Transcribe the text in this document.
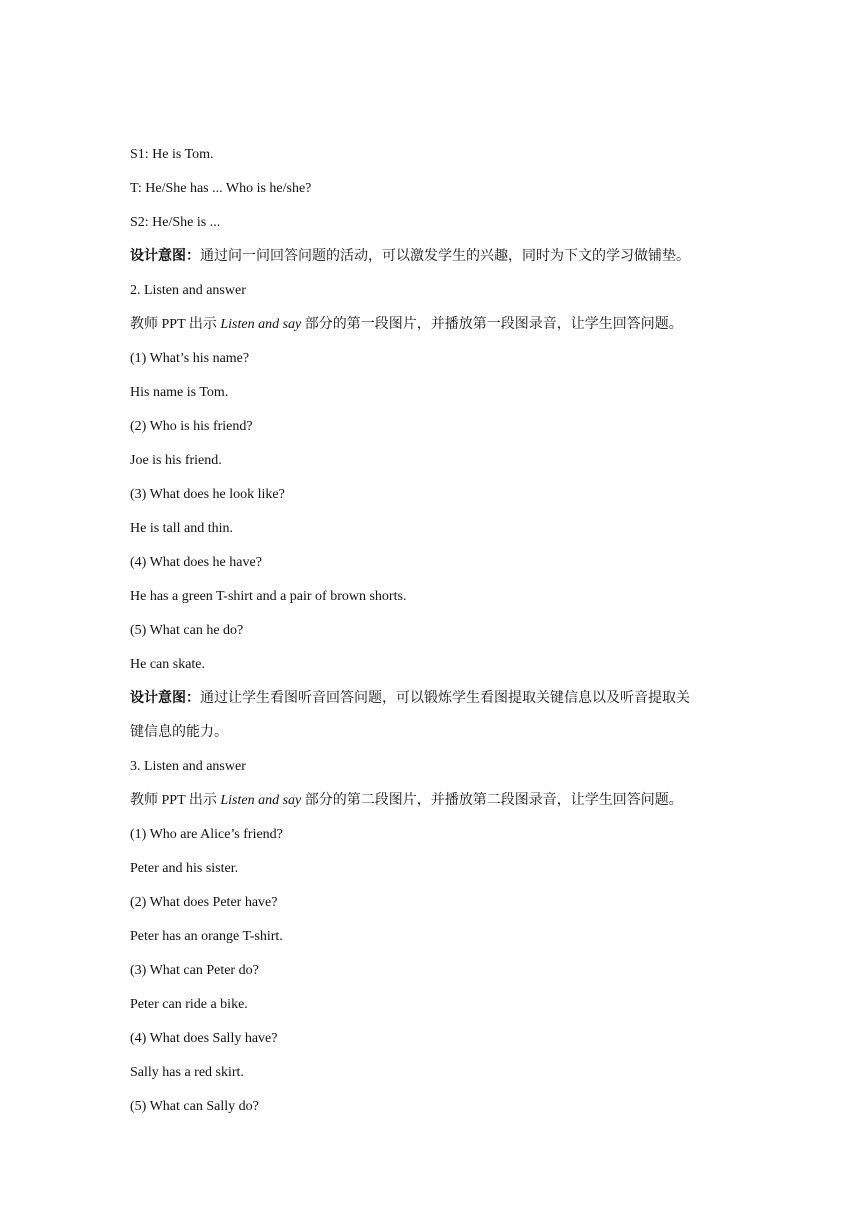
S1: He is Tom.
T: He/She has ... Who is he/she?
S2: He/She is ...
设计意图：通过问一问回答问题的活动，可以激发学生的兴趣，同时为下文的学习做铺垫。
2. Listen and answer
教师 PPT 出示 Listen and say 部分的第一段图片，并播放第一段图录音，让学生回答问题。
(1) What’s his name?
His name is Tom.
(2) Who is his friend?
Joe is his friend.
(3) What does he look like?
He is tall and thin.
(4) What does he have?
He has a green T-shirt and a pair of brown shorts.
(5) What can he do?
He can skate.
设计意图：通过让学生看图听音回答问题，可以锻炼学生看图提取关键信息以及听音提取关
键信息的能力。
3. Listen and answer
教师 PPT 出示 Listen and say 部分的第二段图片，并播放第二段图录音，让学生回答问题。
(1) Who are Alice’s friend?
Peter and his sister.
(2) What does Peter have?
Peter has an orange T-shirt.
(3) What can Peter do?
Peter can ride a bike.
(4) What does Sally have?
Sally has a red skirt.
(5) What can Sally do?
